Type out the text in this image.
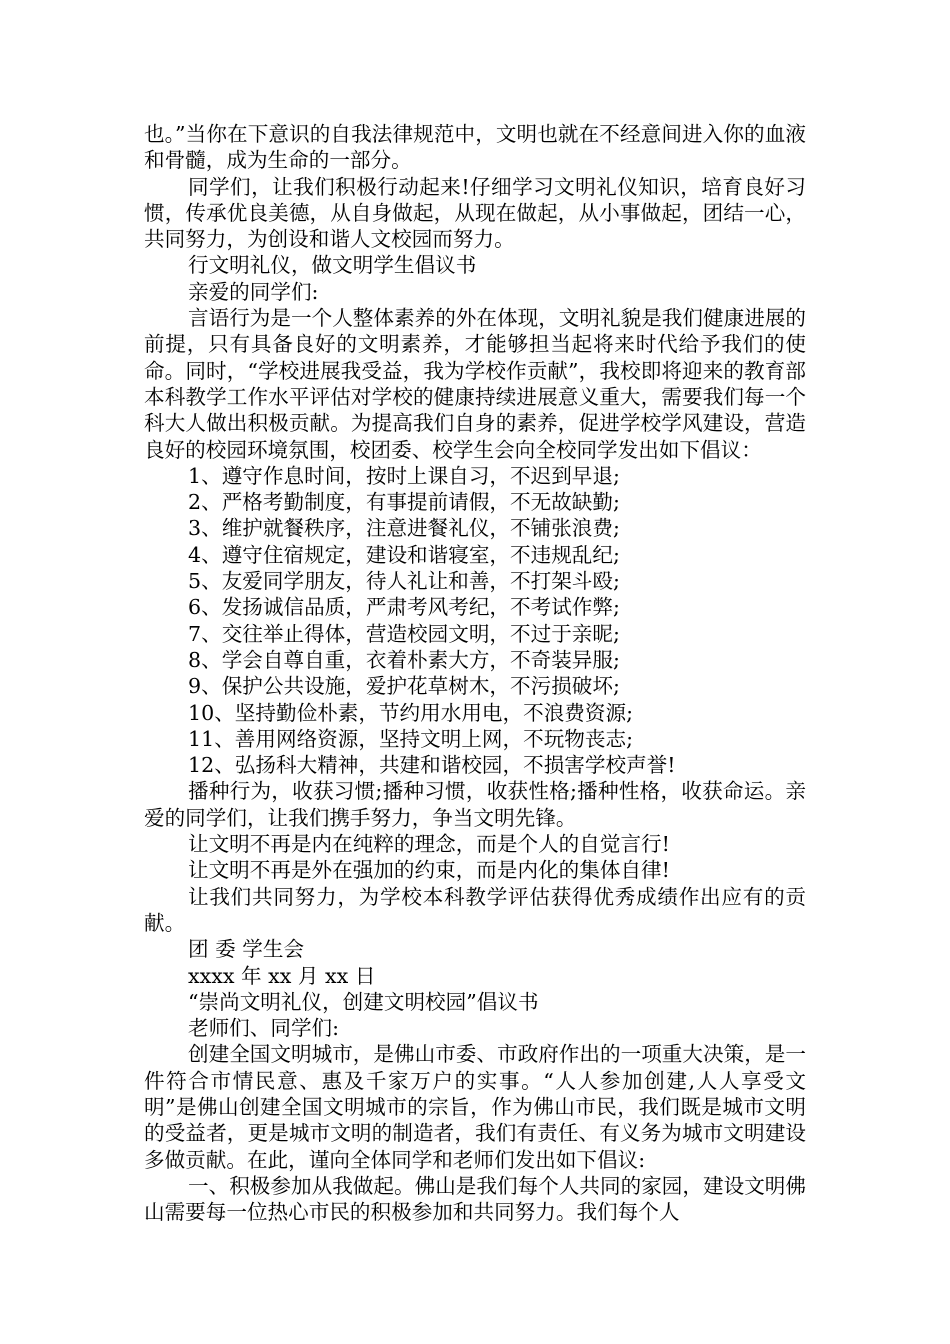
也。”当你在下意识的自我法律规范中，文明也就在不经意间进入你的血液和骨髓，成为生命的一部分。

同学们，让我们积极行动起来!仔细学习文明礼仪知识，培育良好习惯，传承优良美德，从自身做起，从现在做起，从小事做起，团结一心，共同努力，为创设和谐人文校园而努力。

行文明礼仪，做文明学生倡议书

亲爱的同学们:

言语行为是一个人整体素养的外在体现，文明礼貌是我们健康进展的前提，只有具备良好的文明素养，才能够担当起将来时代给予我们的使命。同时，“学校进展我受益，我为学校作贡献”，我校即将迎来的教育部本科教学工作水平评估对学校的健康持续进展意义重大，需要我们每一个科大人做出积极贡献。为提高我们自身的素养，促进学校学风建设，营造良好的校园环境氛围，校团委、校学生会向全校同学发出如下倡议：

1、遵守作息时间，按时上课自习，不迟到早退;

2、严格考勤制度，有事提前请假，不无故缺勤;

3、维护就餐秩序，注意进餐礼仪，不铺张浪费;

4、遵守住宿规定，建设和谐寝室，不违规乱纪;

5、友爱同学朋友，待人礼让和善，不打架斗殴;

6、发扬诚信品质，严肃考风考纪，不考试作弊;

7、交往举止得体，营造校园文明，不过于亲昵;

8、学会自尊自重，衣着朴素大方，不奇装异服;

9、保护公共设施，爱护花草树木，不污损破坏;

10、坚持勤俭朴素，节约用水用电，不浪费资源;

11、善用网络资源，坚持文明上网，不玩物丧志;

12、弘扬科大精神，共建和谐校园，不损害学校声誉!

播种行为，收获习惯;播种习惯，收获性格;播种性格，收获命运。亲爱的同学们，让我们携手努力，争当文明先锋。

让文明不再是内在纯粹的理念，而是个人的自觉言行!

让文明不再是外在强加的约束，而是内化的集体自律!

让我们共同努力，为学校本科教学评估获得优秀成绩作出应有的贡献。

团 委 学生会

xxxx 年 xx 月 xx 日

“崇尚文明礼仪，创建文明校园”倡议书

老师们、同学们:

创建全国文明城市，是佛山市委、市政府作出的一项重大决策，是一件符合市情民意、惠及千家万户的实事。“人人参加创建,人人享受文明”是佛山创建全国文明城市的宗旨，作为佛山市民，我们既是城市文明的受益者，更是城市文明的制造者，我们有责任、有义务为城市文明建设多做贡献。在此，谨向全体同学和老师们发出如下倡议:

一、积极参加从我做起。佛山是我们每个人共同的家园，建设文明佛山需要每一位热心市民的积极参加和共同努力。我们每个人
